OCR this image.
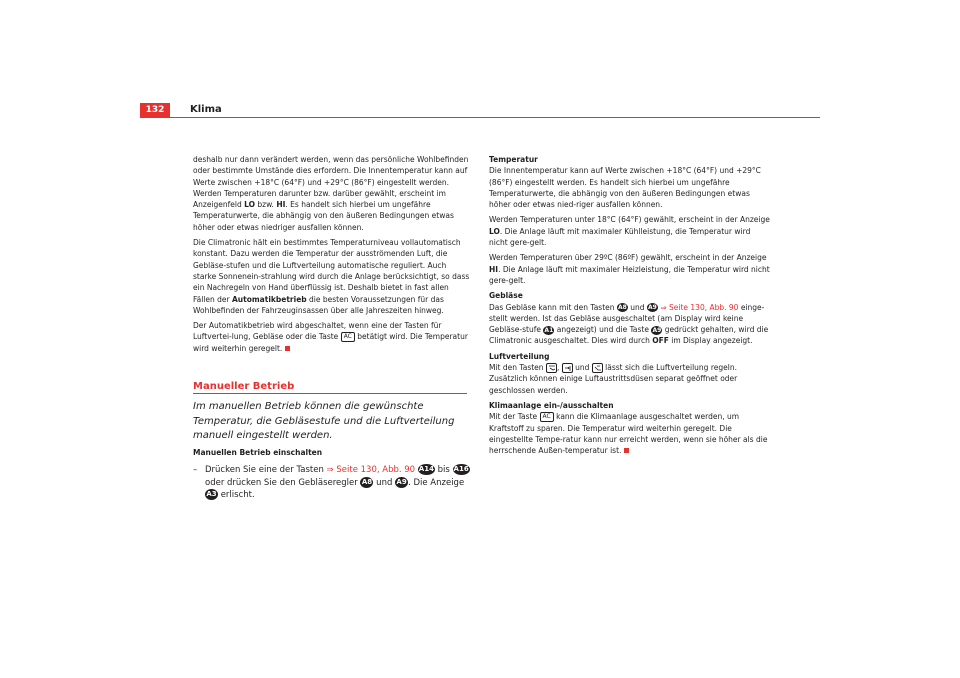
132	Klima

deshalb nur dann verändert werden, wenn das persönliche Wohlbefinden oder bestimmte Umstände dies erfordern. Die Innentemperatur kann auf Werte zwischen +18°C (64°F) und +29°C (86°F) eingestellt werden. Werden Temperaturen darunter bzw. darüber gewählt, erscheint im Anzeigenfeld LO bzw. HI. Es handelt sich hierbei um ungefähre Temperaturwerte, die abhängig von den äußeren Bedingungen etwas höher oder etwas niedriger ausfallen können.

Die Climatronic hält ein bestimmtes Temperaturniveau vollautomatisch konstant. Dazu werden die Temperatur der ausströmenden Luft, die Gebläse-stufen und die Luftverteilung automatische reguliert. Auch starke Sonnenein-strahlung wird durch die Anlage berücksichtigt, so dass ein Nachregeln von Hand überflüssig ist. Deshalb bietet in fast allen Fällen der Automatikbetrieb die besten Voraussetzungen für das Wohlbefinden der Fahrzeuginsassen über alle Jahreszeiten hinweg.

Der Automatikbetrieb wird abgeschaltet, wenn eine der Tasten für Luftvertei-lung, Gebläse oder die Taste AC betätigt wird. Die Temperatur wird weiterhin geregelt.

Manueller Betrieb
Im manuellen Betrieb können die gewünschte Temperatur, die Gebläsestufe und die Luftverteilung manuell eingestellt werden.
Manuellen Betrieb einschalten
– Drücken Sie eine der Tasten ⇒ Seite 130, Abb. 90 A14 bis A16 oder drücken Sie den Gebläseregler A8 und A9. Die Anzeige A3 erlischt.

Temperatur

Die Innentemperatur kann auf Werte zwischen +18°C (64°F) und +29°C (86°F) eingestellt werden. Es handelt sich hierbei um ungefähre Temperaturwerte, die abhängig von den äußeren Bedingungen etwas höher oder etwas nied-riger ausfallen können.

Werden Temperaturen unter 18°C (64°F) gewählt, erscheint in der Anzeige LO. Die Anlage läuft mit maximaler Kühlleistung, die Temperatur wird nicht gere-gelt.

Werden Temperaturen über 29ºC (86ºF) gewählt, erscheint in der Anzeige HI. Die Anlage läuft mit maximaler Heizleistung, die Temperatur wird nicht gere-gelt.

Gebläse

Das Gebläse kann mit den Tasten A8 und A9 ⇒ Seite 130, Abb. 90 einge-stellt werden. Ist das Gebläse ausgeschaltet (am Display wird keine Gebläse-stufe A1 angezeigt) und die Taste A9 gedrückt gehalten, wird die Climatronic ausgeschaltet. Dies wird durch OFF im Display angezeigt.

Luftverteilung

Mit den Tasten
,
und
lässt sich die Luftverteilung regeln. Zusätzlich können einige Luftaustrittsdüsen separat geöffnet oder geschlossen werden.

Klimaanlage ein-/ausschalten

Mit der Taste AC kann die Klimaanlage ausgeschaltet werden, um Kraftstoff zu sparen. Die Temperatur wird weiterhin geregelt. Die eingestellte Tempe-ratur kann nur erreicht werden, wenn sie höher als die herrschende Außen-temperatur ist.
